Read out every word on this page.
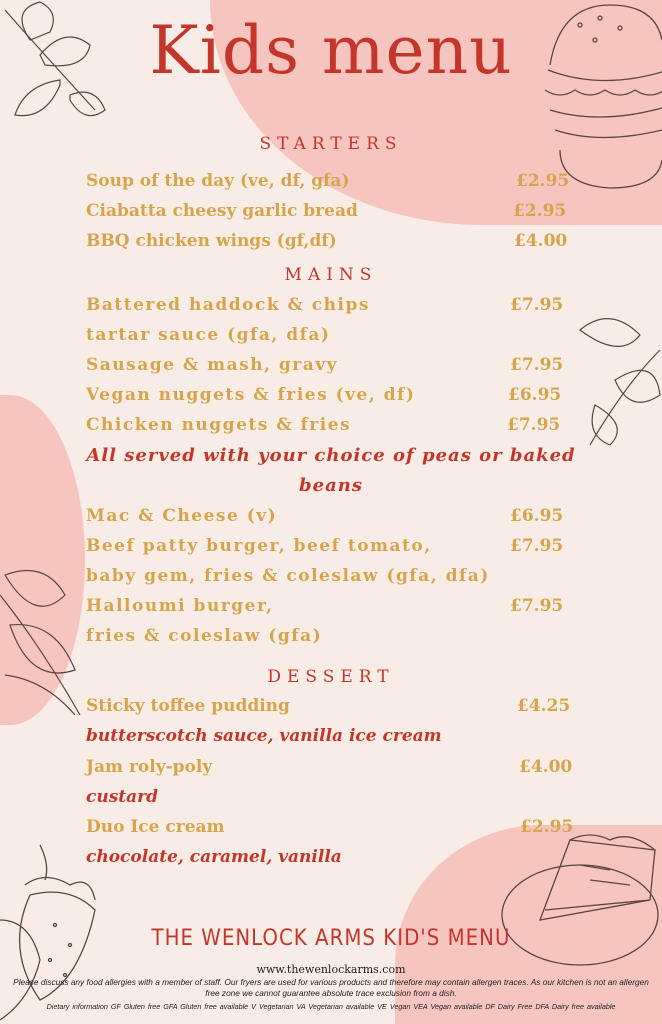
Kids menu
STARTERS
Soup of the day (ve, df, gfa)	£2.95
Ciabatta cheesy garlic bread	£2.95
BBQ chicken wings (gf,df)	£4.00
MAINS
Battered haddock & chips	£7.95
tartar sauce (gfa, dfa)
Sausage & mash, gravy	£7.95
Vegan nuggets & fries (ve, df)	£6.95
Chicken nuggets & fries	£7.95
All served with your choice of peas or baked
beans
Mac & Cheese (v)	£6.95
Beef patty burger, beef tomato,	£7.95
baby gem, fries & coleslaw (gfa, dfa)
Halloumi burger,	£7.95
fries & coleslaw (gfa)
DESSERT
Sticky toffee pudding	£4.25
butterscotch sauce, vanilla ice cream
Jam roly-poly	£4.00
custard
Duo Ice cream	£2.95
chocolate, caramel, vanilla
THE WENLOCK ARMS KID'S MENU
www.thewenlockarms.com
Please discuss any food allergies with a member of staff. Our fryers are used for various products and therefore may contain allergen traces. As our kitchen is not an allergen free zone we cannot guarantee absolute trace exclusion from a dish.
Dietary information GF Gluten free GFA Gluten free available V Vegetarian VA Vegetarian available VE Vegan VEA Vegan available DF Dairy Free DFA Dairy free available
